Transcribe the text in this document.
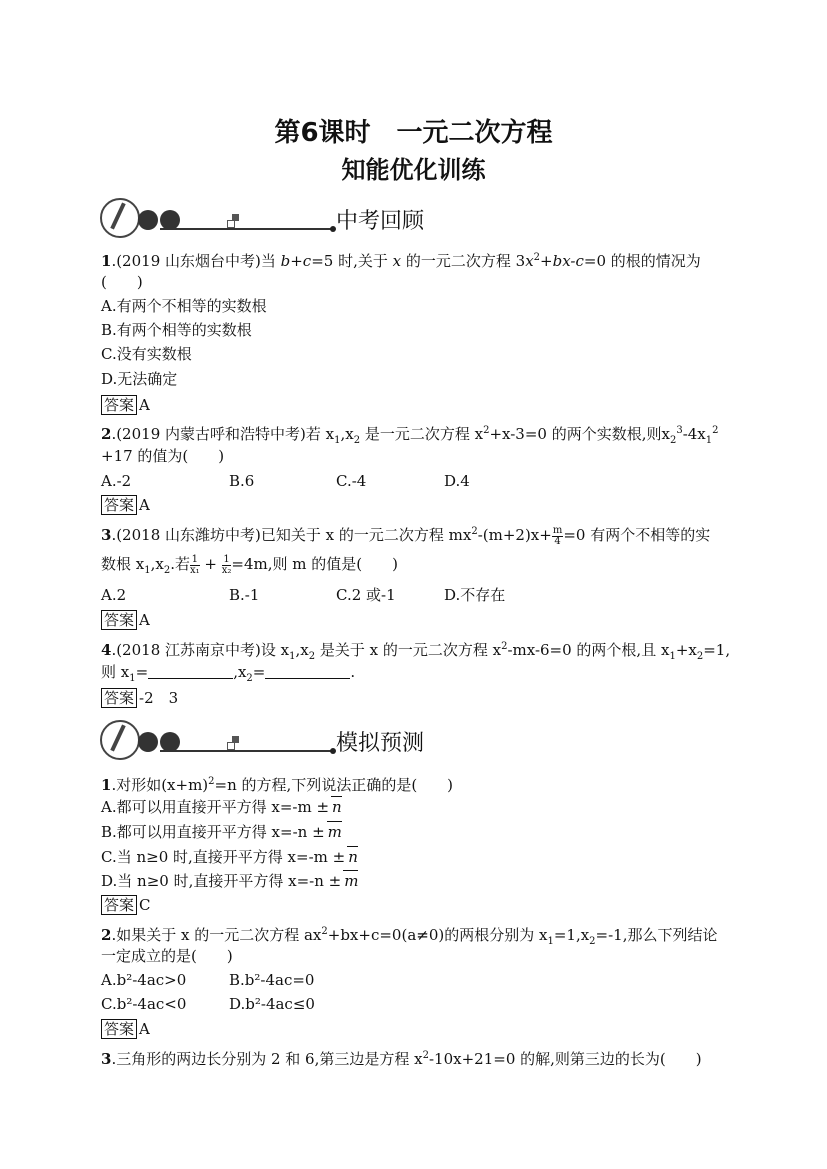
第6课时　一元二次方程
知能优化训练
中考回顾
1.(2019 山东烟台中考)当 b+c=5 时,关于 x 的一元二次方程 $3x^2+bx-c=0$ 的根的情况为
(　　)
A.有两个不相等的实数根
B.有两个相等的实数根
C.没有实数根
D.无法确定
答案 A
2.(2019 内蒙古呼和浩特中考)若 $x_1,x_2$ 是一元二次方程 $x^2+x-3=0$ 的两个实数根,则$x_2^3-4x_1^2$
+17 的值为(　　)
A.-2	B.6	C.-4	D.4
答案 A
3.(2018 山东潍坊中考)已知关于 x 的一元二次方程 $mx^2-(m+2)x+ \frac{m}{4} =0$ 有两个不相等的实
数根 $x_1,x_2$.若 $\frac{1}{\text{x₁}} + \frac{1}{\text{x₂}} =4m$,则 m 的值是(　　)
A.2	B.-1	C.2 或-1	D.不存在
答案 A
4.(2018 江苏南京中考)设 $x_1,x_2$ 是关于 x 的一元二次方程 $x^2-mx-6=0$ 的两个根,且 $x_1+x_2=1$,
则 $x_1=$	$,x_2=$	.
答案 -2　3
模拟预测
1.对形如$(x+m)^2=n$ 的方程,下列说法正确的是(　　)
A.都可以用直接开平方得 x=-m ± n
B.都可以用直接开平方得 x=-n ± m
C.当 n≥0 时,直接开平方得 x=-m ± n
D.当 n≥0 时,直接开平方得 x=-n ± m
答案 C
2.如果关于 x 的一元二次方程 $ax^2+bx+c=0(a\ne 0)$的两根分别为 $x_1=1,x_2=-1$,那么下列结论
一定成立的是(　　)
A.b²-4ac>0	B.b²-4ac=0
C.b²-4ac<0	D.b²-4ac≤0
答案 A
3.三角形的两边长分别为 2 和 6,第三边是方程 $x^2-10x+21=0$ 的解,则第三边的长为(　　)
